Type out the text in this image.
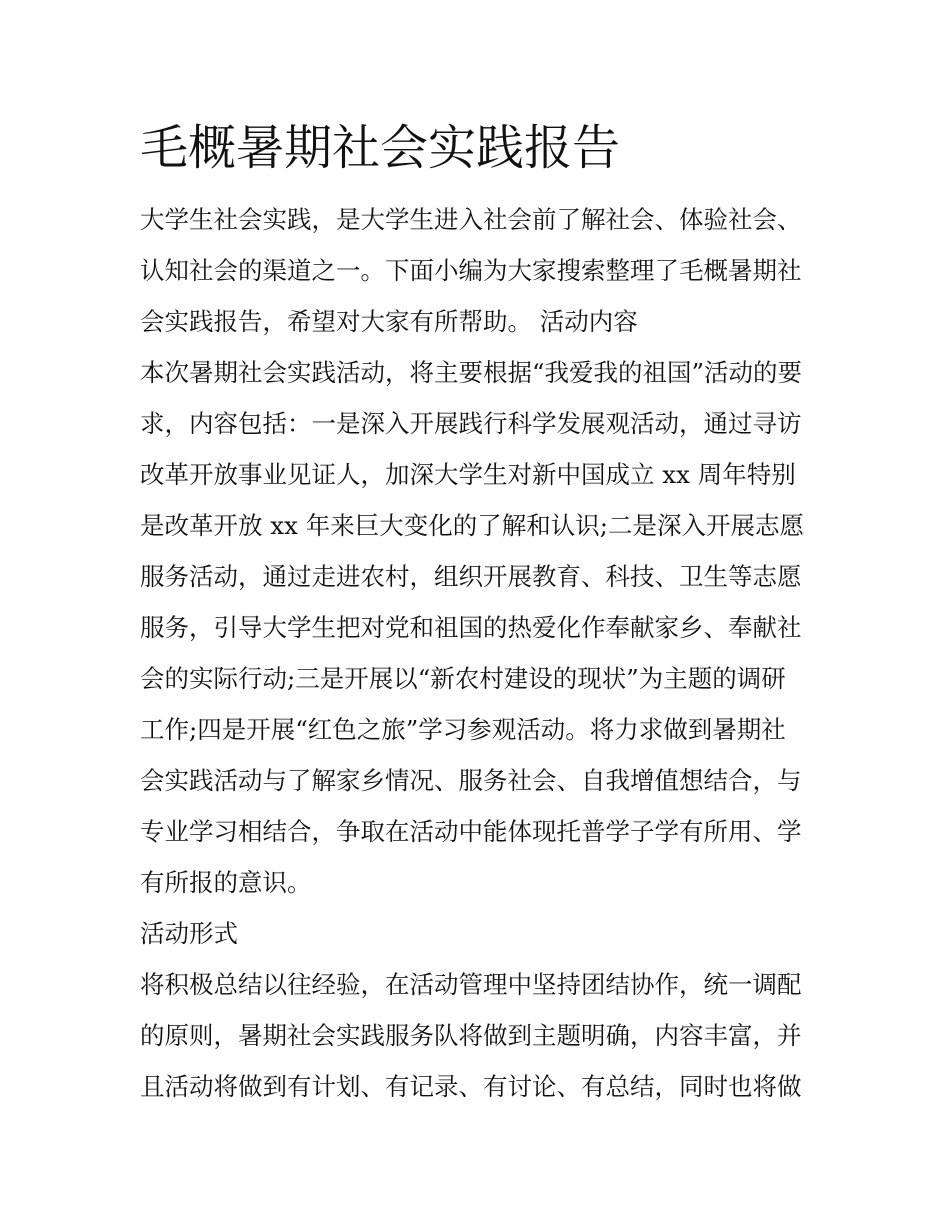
毛概暑期社会实践报告
大学生社会实践，是大学生进入社会前了解社会、体验社会、
认知社会的渠道之一。下面小编为大家搜索整理了毛概暑期社
会实践报告，希望对大家有所帮助。 活动内容
本次暑期社会实践活动，将主要根据“我爱我的祖国”活动的要
求，内容包括：一是深入开展践行科学发展观活动，通过寻访
改革开放事业见证人，加深大学生对新中国成立 xx 周年特别
是改革开放 xx 年来巨大变化的了解和认识;二是深入开展志愿
服务活动，通过走进农村，组织开展教育、科技、卫生等志愿
服务，引导大学生把对党和祖国的热爱化作奉献家乡、奉献社
会的实际行动;三是开展以“新农村建设的现状”为主题的调研
工作;四是开展“红色之旅”学习参观活动。将力求做到暑期社
会实践活动与了解家乡情况、服务社会、自我增值想结合，与
专业学习相结合，争取在活动中能体现托普学子学有所用、学
有所报的意识。
活动形式
将积极总结以往经验，在活动管理中坚持团结协作，统一调配
的原则，暑期社会实践服务队将做到主题明确，内容丰富，并
且活动将做到有计划、有记录、有讨论、有总结，同时也将做
